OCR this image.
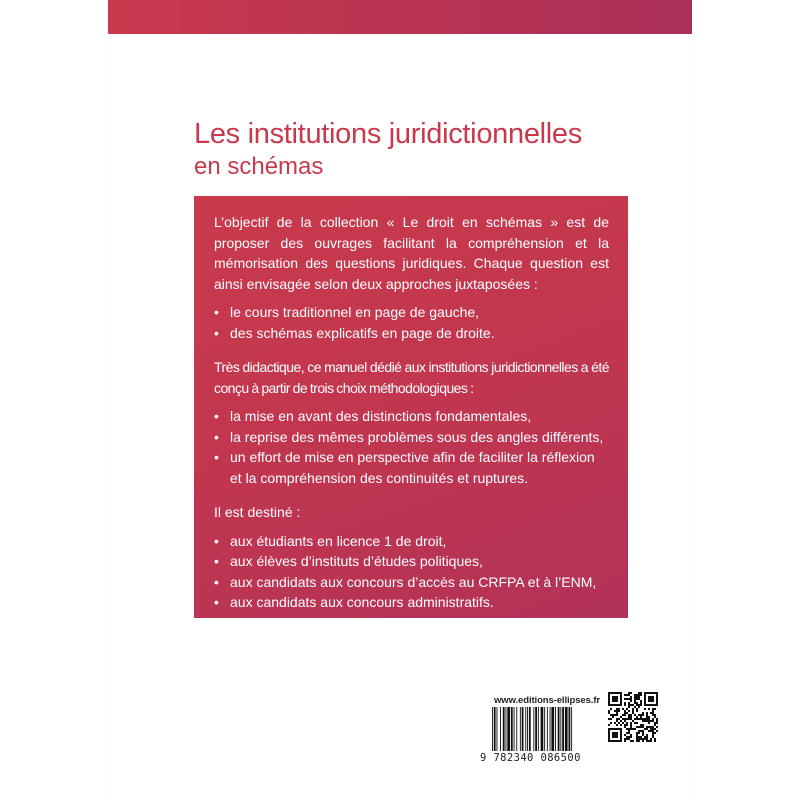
Les institutions juridictionnelles
en schémas

L’objectif de la collection « Le droit en schémas » est de proposer des ouvrages facilitant la compréhension et la mémorisation des questions juridiques. Chaque question est ainsi envisagée selon deux approches juxtaposées :

• le cours traditionnel en page de gauche,
• des schémas explicatifs en page de droite.

Très didactique, ce manuel dédié aux institutions juridictionnelles a été conçu à partir de trois choix méthodologiques :

• la mise en avant des distinctions fondamentales,
• la reprise des mêmes problèmes sous des angles différents,
• un effort de mise en perspective afin de faciliter la réflexion et la compréhension des continuités et ruptures.

Il est destiné :

• aux étudiants en licence 1 de droit,
• aux élèves d’instituts d’études politiques,
• aux candidats aux concours d’accès au CRFPA et à l’ENM,
• aux candidats aux concours administratifs.
www.editions-ellipses.fr
9 782340 086500
